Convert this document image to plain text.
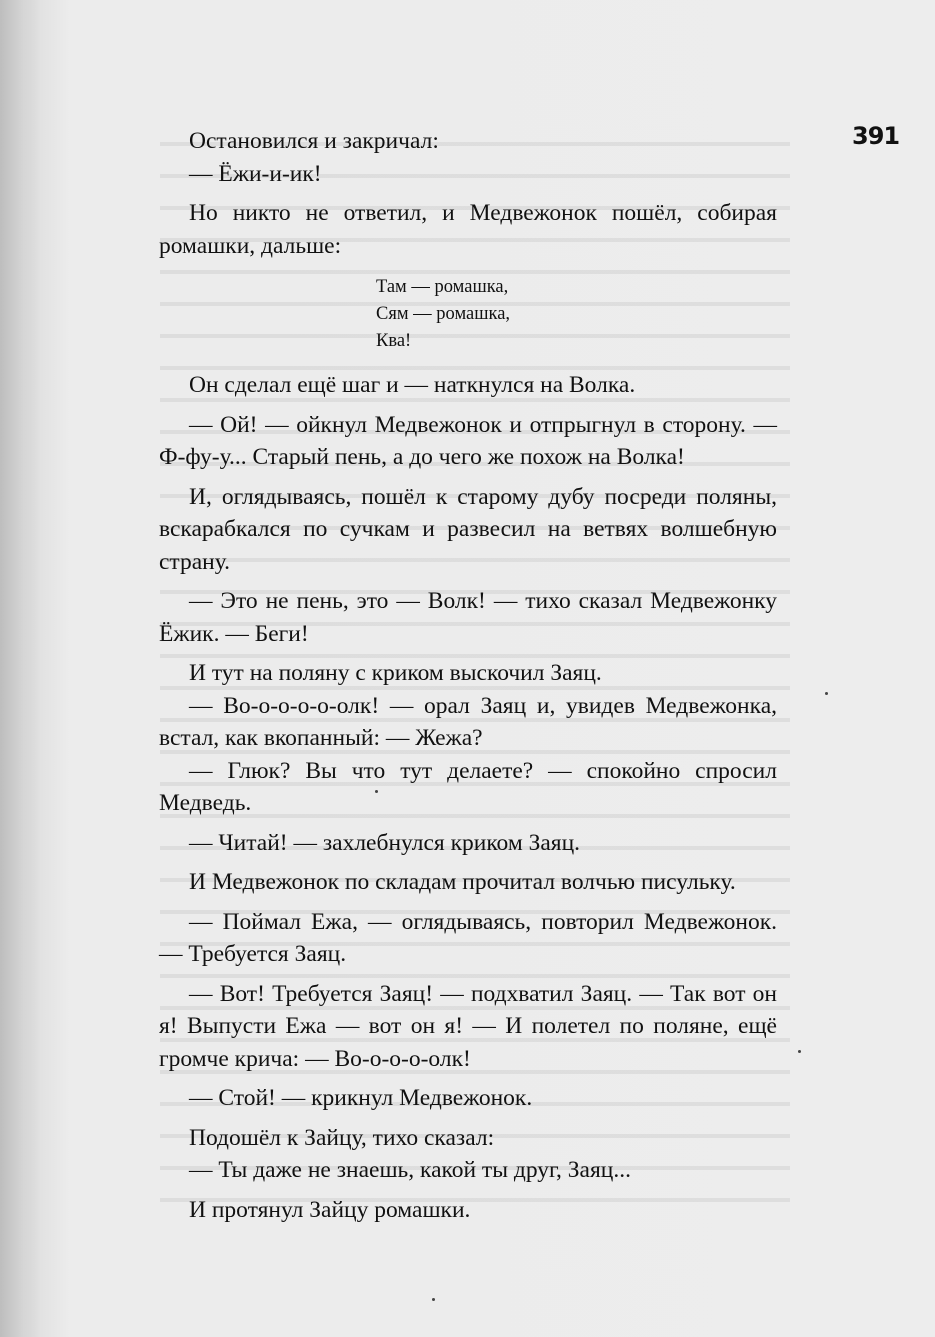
391

Остановился и закричал:

— Ёжи-и-ик!

Но никто не ответил, и Медвежонок пошёл, собирая ромашки, дальше:

Там — ромашка,
Сям — ромашка,
Ква!

Он сделал ещё шаг и — наткнулся на Волка.

— Ой! — ойкнул Медвежонок и отпрыгнул в сторону. — Ф-фу-у... Старый пень, а до чего же похож на Волка!

И, оглядываясь, пошёл к старому дубу посреди поляны, вскарабкался по сучкам и развесил на ветвях волшебную страну.

— Это не пень, это — Волк! — тихо сказал Медвежонку Ёжик. — Беги!

И тут на поляну с криком выскочил Заяц.

— Во-о-о-о-о-олк! — орал Заяц и, увидев Медвежонка, встал, как вкопанный: — Жежа?

— Глюк? Вы что тут делаете? — спокойно спросил Медведь.

— Читай! — захлебнулся криком Заяц.

И Медвежонок по складам прочитал волчью писульку.

— Поймал Ежа, — оглядываясь, повторил Медвежонок. — Требуется Заяц.

— Вот! Требуется Заяц! — подхватил Заяц. — Так вот он я! Выпусти Ежа — вот он я! — И полетел по поляне, ещё громче крича: — Во-о-о-о-олк!

— Стой! — крикнул Медвежонок.

Подошёл к Зайцу, тихо сказал:

— Ты даже не знаешь, какой ты друг, Заяц...

И протянул Зайцу ромашки.
